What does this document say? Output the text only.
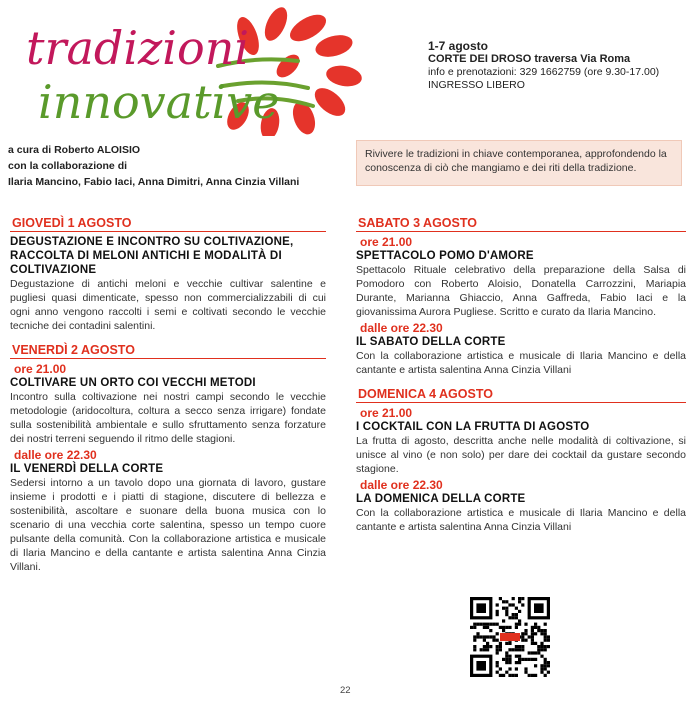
tradizioni
innovative
1-7 agosto
CORTE DEI DROSO traversa Via Roma
info e prenotazioni: 329 1662759 (ore 9.30-17.00)
INGRESSO LIBERO
a cura di Roberto ALOISIO
con la collaborazione di
Ilaria Mancino, Fabio Iaci, Anna Dimitri, Anna Cinzia Villani
Rivivere le tradizioni in chiave contemporanea, approfondendo la conoscenza di ciò che mangiamo e dei riti della tradizione.
GIOVEDÌ 1 AGOSTO
DEGUSTAZIONE E INCONTRO SU COLTIVAZIONE, RACCOLTA DI MELONI ANTICHI E MODALITÀ DI COLTIVAZIONE
Degustazione di antichi meloni e vecchie cultivar salentine e pugliesi quasi dimenticate, spesso non commercializzabili di cui ogni anno vengono raccolti i semi e coltivati secondo le vecchie tecniche dei contadini salentini.
VENERDÌ 2 AGOSTO
ore 21.00
COLTIVARE UN ORTO COI VECCHI METODI
Incontro sulla coltivazione nei nostri campi secondo le vecchie metodologie (aridocoltura, coltura a secco senza irrigare) fondate sulla sostenibilità ambientale e sullo sfruttamento senza forzature dei nostri terreni seguendo il ritmo delle stagioni.
dalle ore 22.30
IL VENERDÌ DELLA CORTE
Sedersi intorno a un tavolo dopo una giornata di lavoro, gustare insieme i prodotti e i piatti di stagione, discutere di bellezza e sostenibilità, ascoltare e suonare della buona musica con lo scenario di una vecchia corte salentina, spesso un tempo cuore pulsante della comunità. Con la collaborazione artistica e musicale di Ilaria Mancino e della cantante e artista salentina Anna Cinzia Villani.
SABATO 3 AGOSTO
ore 21.00
SPETTACOLO POMO D'AMORE
Spettacolo Rituale celebrativo della preparazione della Salsa di Pomodoro con Roberto Aloisio, Donatella Carrozzini, Mariapia Durante, Marianna Ghiaccio, Anna Gaffreda, Fabio Iaci e la giovanissima Aurora Pugliese. Scritto e curato da Ilaria Mancino.
dalle ore 22.30
IL SABATO DELLA CORTE
Con la collaborazione artistica e musicale di Ilaria Mancino e della cantante e artista salentina Anna Cinzia Villani
DOMENICA 4 AGOSTO
ore 21.00
I COCKTAIL CON LA FRUTTA DI AGOSTO
La frutta di agosto, descritta anche nelle modalità di coltivazione, si unisce al vino (e non solo) per dare dei cocktail da gustare secondo stagione.
dalle ore 22.30
LA DOMENICA DELLA CORTE
Con la collaborazione artistica e musicale di Ilaria Mancino e della cantante e artista salentina Anna Cinzia Villani
22
